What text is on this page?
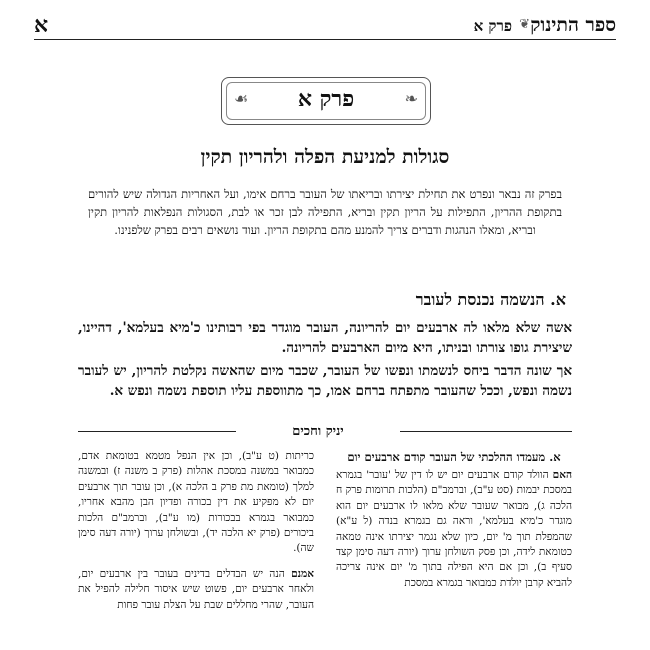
ספר התינוק
❦
פרק א
א
❧
פרק א
☙
סגולות למניעת הפלה ולהריון תקין
בפרק זה נבאר ונפרט את תחילת יצירתו ובריאתו של העובר ברחם אימו, ועל האחריות הגדולה שיש להורים בתקופת ההריון, התפילות על הריון תקין ובריא, התפילה לבן זכר או לבת, הסגולות הנפלאות להריון תקין ובריא, ומאלו הנהגות ודברים צריך להמנע מהם בתקופת הריון. ועוד נושאים רבים בפרק שלפנינו.
א. הנשמה נכנסת לעובר
אשה שלא מלאו לה ארבעים יום להריונה, העובר מוגדר בפי רבותינו כ'מיא בעלמא', דהיינו, שיצירת גופו צורתו ובניתו, היא מיום הארבעים להריונה.
אך שונה הדבר ביחס לנשמתו ונפשו של העובר, שכבר מיום שהאשה נקלטת להריון, יש לעובר נשמה ונפש, וככל שהעובר מתפתח ברחם אמו, כך מתווספת עליו תוספת נשמה ונפש א.
יניק וחכים

א. מעמדו ההלכתי של העובר קודם ארבעים יום

האם הוולד קודם ארבעים יום יש לו דין של 'עובר' בגמרא במסכת יבמות (סט ע"ב), וברמב"ם (הלכות תרומות פרק ח הלכה ג), מבואר שעובר שלא מלאו לו ארבעים יום הוא מוגדר כ'מיא בעלמא', וראה גם בגמרא בנדה (ל ע"א) שהמפלת תוך מ' יום, כיון שלא נגמר יצירתו אינה טמאה כטומאת לידה, וכן פסק השולחן ערוך (יורה דעה סימן קצד סעיף ב), וכן אם היא הפילה בתוך מ' יום אינה צריכה להביא קרבן יולדת כמבואר בגמרא במסכת

כריתות (ט ע"ב), וכן אין הנפל מטמא בטומאת אדם, כמבואר במשנה במסכת אהלות (פרק ב משנה ז) ובמשנה למלך (טומאת מת פרק ב הלכה א), וכן עובר תוך ארבעים יום לא מפקיע את דין בכורה ופדיון הבן מהבא אחריו, כמבואר בגמרא בבכורות (מו ע"ב), וברמב"ם הלכות ביכורים (פרק יא הלכה יד), ובשולחן ערוך (יורה דעה סימן שה).

אמנם הנה יש הבדלים בדינים בעובר בין ארבעים יום, ולאחר ארבעים יום, פשוט שיש איסור חלילה להפיל את העובר, שהרי מחללים שבת על הצלת עובר פחות
